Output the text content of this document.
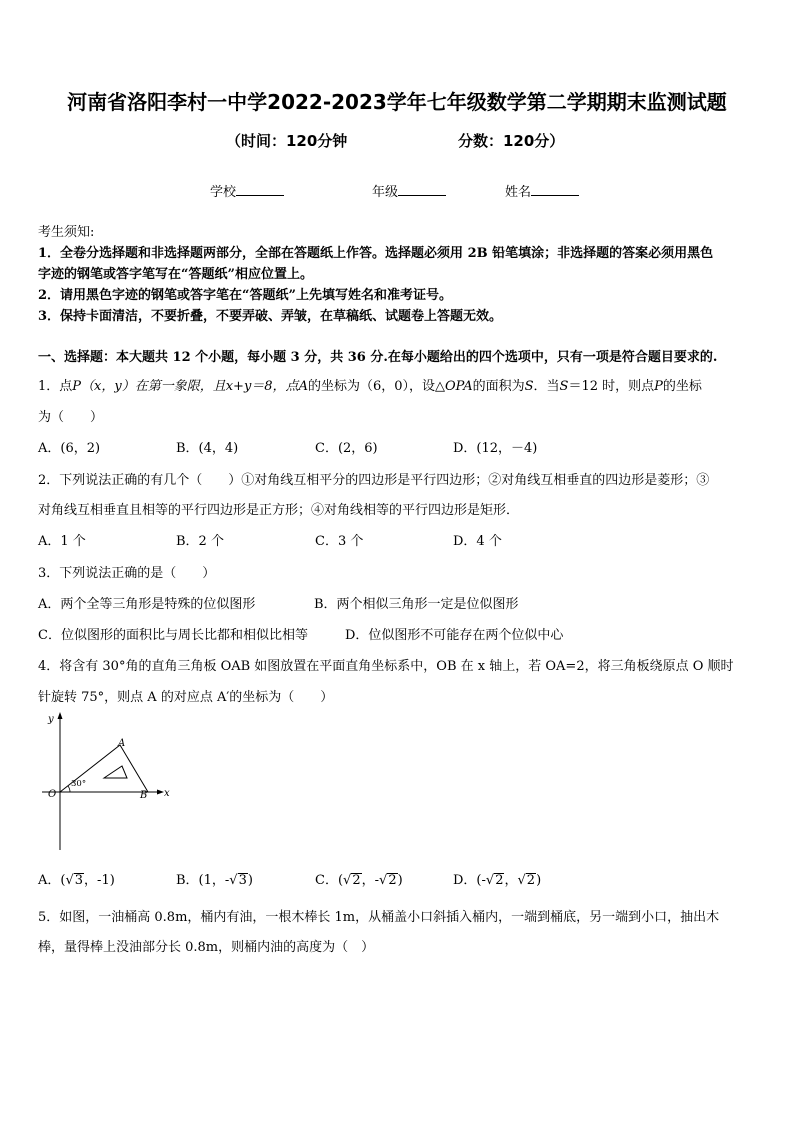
河南省洛阳李村一中学2022-2023学年七年级数学第二学期期末监测试题
（时间：120分钟	分数：120分）
学校	年级	姓名
考生须知:
1．全卷分选择题和非选择题两部分，全部在答题纸上作答。选择题必须用 2B 铅笔填涂；非选择题的答案必须用黑色
字迹的钢笔或答字笔写在“答题纸”相应位置上。
2．请用黑色字迹的钢笔或答字笔在“答题纸”上先填写姓名和准考证号。
3．保持卡面清洁，不要折叠，不要弄破、弄皱，在草稿纸、试题卷上答题无效。
一、选择题：本大题共 12 个小题，每小题 3 分，共 36 分.在每小题给出的四个选项中，只有一项是符合题目要求的.
1．点P（x，y）在第一象限，且x+y＝8，点A的坐标为（6，0），设△OPA的面积为S．当S＝12 时，则点P的坐标
为（　　）
A．(6，2)	B．(4，4)	C．(2，6)	D．(12，－4)
2．下列说法正确的有几个（　　）①对角线互相平分的四边形是平行四边形；②对角线互相垂直的四边形是菱形；③
对角线互相垂直且相等的平行四边形是正方形；④对角线相等的平行四边形是矩形．
A．1 个	B．2 个	C．3 个	D．4 个
3．下列说法正确的是（　　）
A．两个全等三角形是特殊的位似图形	B．两个相似三角形一定是位似图形
C．位似图形的面积比与周长比都和相似比相等	D．位似图形不可能存在两个位似中心
4．将含有 30°角的直角三角板 OAB 如图放置在平面直角坐标系中，OB 在 x 轴上，若 OA=2，将三角板绕原点 O 顺时
针旋转 75°，则点 A 的对应点 A′的坐标为（　　）
y
x
O
A
B
30°
A．(√3，-1)	B．(1，-√3)	C．(√2，-√2)	D．(-√2，√2)
5．如图，一油桶高 0.8m，桶内有油，一根木棒长 1m，从桶盖小口斜插入桶内，一端到桶底，另一端到小口，抽出木
棒，量得棒上没油部分长 0.8m，则桶内油的高度为（　）
